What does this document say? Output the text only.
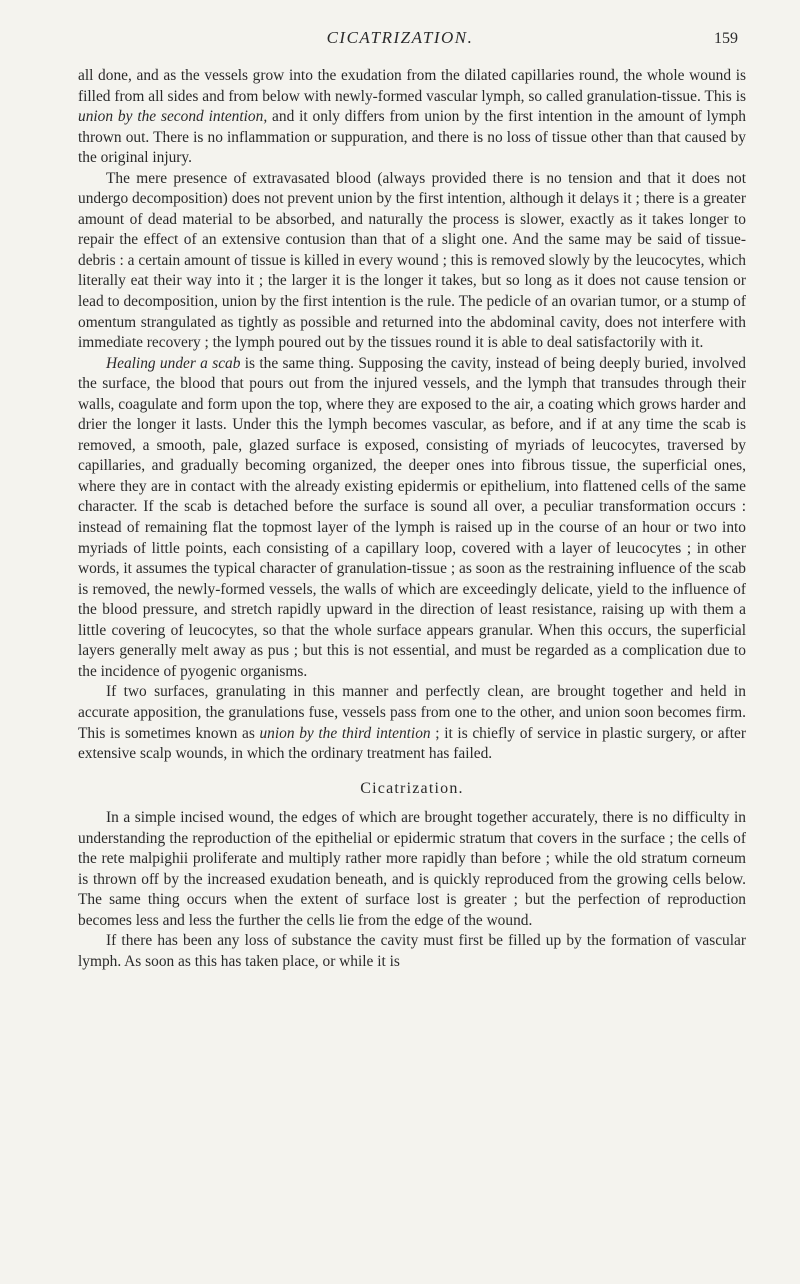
CICATRIZATION.	159

all done, and as the vessels grow into the exudation from the dilated capillaries round, the whole wound is filled from all sides and from below with newly-formed vascular lymph, so called granulation-tissue. This is union by the second intention, and it only differs from union by the first intention in the amount of lymph thrown out. There is no inflammation or suppuration, and there is no loss of tissue other than that caused by the original injury.

The mere presence of extravasated blood (always provided there is no tension and that it does not undergo decomposition) does not prevent union by the first intention, although it delays it ; there is a greater amount of dead material to be absorbed, and naturally the process is slower, exactly as it takes longer to repair the effect of an extensive contusion than that of a slight one. And the same may be said of tissue-debris : a certain amount of tissue is killed in every wound ; this is removed slowly by the leucocytes, which literally eat their way into it ; the larger it is the longer it takes, but so long as it does not cause tension or lead to decomposition, union by the first intention is the rule. The pedicle of an ovarian tumor, or a stump of omentum strangulated as tightly as possible and returned into the abdominal cavity, does not interfere with immediate recovery ; the lymph poured out by the tissues round it is able to deal satisfactorily with it.

Healing under a scab is the same thing. Supposing the cavity, instead of being deeply buried, involved the surface, the blood that pours out from the injured vessels, and the lymph that transudes through their walls, coagulate and form upon the top, where they are exposed to the air, a coating which grows harder and drier the longer it lasts. Under this the lymph becomes vascular, as before, and if at any time the scab is removed, a smooth, pale, glazed surface is exposed, consisting of myriads of leucocytes, traversed by capillaries, and gradually becoming organized, the deeper ones into fibrous tissue, the superficial ones, where they are in contact with the already existing epidermis or epithelium, into flattened cells of the same character. If the scab is detached before the surface is sound all over, a peculiar transformation occurs : instead of remaining flat the topmost layer of the lymph is raised up in the course of an hour or two into myriads of little points, each consisting of a capillary loop, covered with a layer of leucocytes ; in other words, it assumes the typical character of granulation-tissue ; as soon as the restraining influence of the scab is removed, the newly-formed vessels, the walls of which are exceedingly delicate, yield to the influence of the blood pressure, and stretch rapidly upward in the direction of least resistance, raising up with them a little covering of leucocytes, so that the whole surface appears granular. When this occurs, the superficial layers generally melt away as pus ; but this is not essential, and must be regarded as a complication due to the incidence of pyogenic organisms.

If two surfaces, granulating in this manner and perfectly clean, are brought together and held in accurate apposition, the granulations fuse, vessels pass from one to the other, and union soon becomes firm. This is sometimes known as union by the third intention ; it is chiefly of service in plastic surgery, or after extensive scalp wounds, in which the ordinary treatment has failed.

Cicatrization.

In a simple incised wound, the edges of which are brought together accurately, there is no difficulty in understanding the reproduction of the epithelial or epidermic stratum that covers in the surface ; the cells of the rete malpighii proliferate and multiply rather more rapidly than before ; while the old stratum corneum is thrown off by the increased exudation beneath, and is quickly reproduced from the growing cells below. The same thing occurs when the extent of surface lost is greater ; but the perfection of reproduction becomes less and less the further the cells lie from the edge of the wound.

If there has been any loss of substance the cavity must first be filled up by the formation of vascular lymph. As soon as this has taken place, or while it is
